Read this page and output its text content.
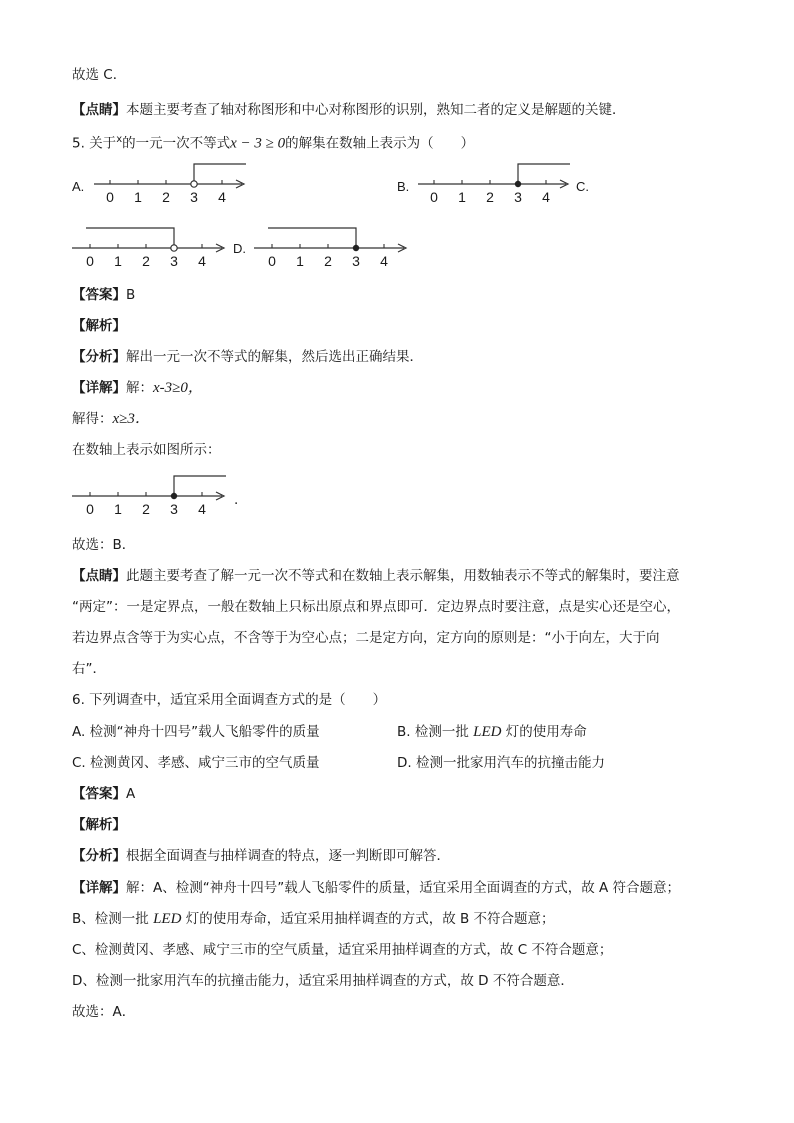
故选 C．
【点睛】本题主要考查了轴对称图形和中心对称图形的识别，熟知二者的定义是解题的关键．
5. 关于$^x$的一元一次不等式x − 3 ≥ 0的解集在数轴上表示为（　　）
A.
0 1 2 3 4
B.
0 1 2 3 4
C.
0 1 2 3 4
D.
0 1 2 3 4
【答案】B
【解析】
【分析】解出一元一次不等式的解集，然后选出正确结果．
【详解】解：x-3≥0，
解得：x≥3．
在数轴上表示如图所示：
0 1 2 3 4
.
故选：B．
【点睛】此题主要考查了解一元一次不等式和在数轴上表示解集，用数轴表示不等式的解集时，要注意
“两定”：一是定界点，一般在数轴上只标出原点和界点即可．定边界点时要注意，点是实心还是空心，
若边界点含等于为实心点，不含等于为空心点；二是定方向，定方向的原则是：“小于向左，大于向
右”．
6. 下列调查中，适宜采用全面调查方式的是（　　）
A. 检测“神舟十四号”载人飞船零件的质量	B. 检测一批 LED 灯的使用寿命
C. 检测黄冈、孝感、咸宁三市的空气质量	D. 检测一批家用汽车的抗撞击能力
【答案】A
【解析】
【分析】根据全面调查与抽样调查的特点，逐一判断即可解答．
【详解】解：A、检测“神舟十四号”载人飞船零件的质量，适宜采用全面调查的方式，故 A 符合题意；
B、检测一批 LED 灯的使用寿命，适宜采用抽样调查的方式，故 B 不符合题意；
C、检测黄冈、孝感、咸宁三市的空气质量，适宜采用抽样调查的方式，故 C 不符合题意；
D、检测一批家用汽车的抗撞击能力，适宜采用抽样调查的方式，故 D 不符合题意．
故选：A．
